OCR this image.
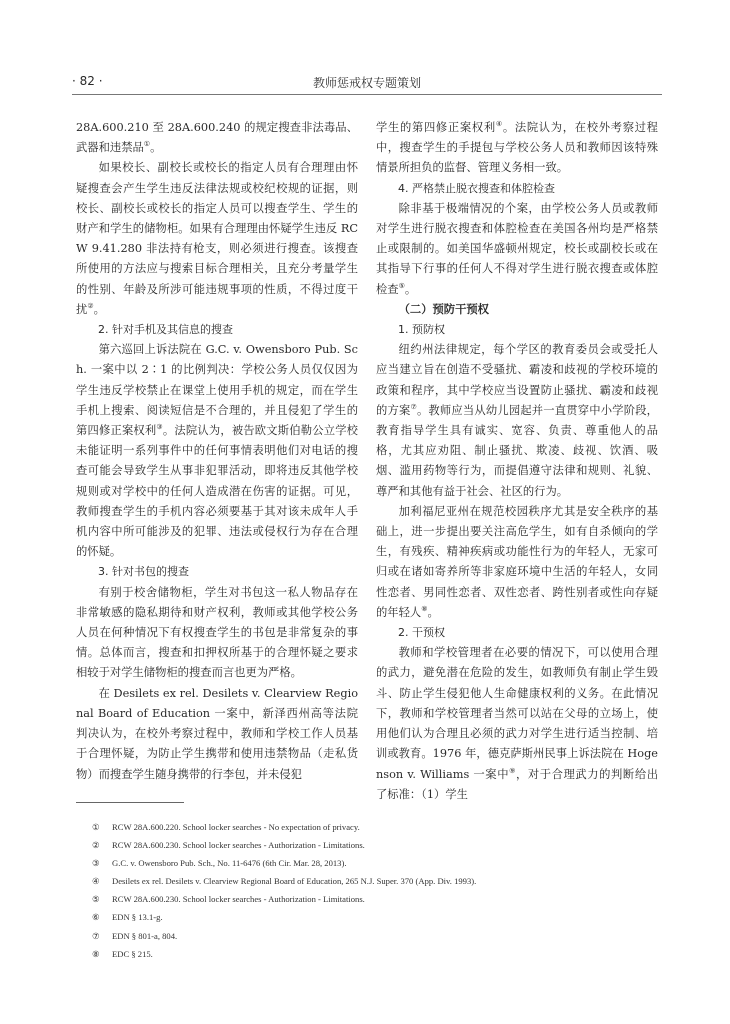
· 82 ·	教师惩戒权专题策划

28A.600.210 至 28A.600.240 的规定搜查非法毒品、武器和违禁品①。

如果校长、副校长或校长的指定人员有合理理由怀疑搜查会产生学生违反法律法规或校纪校规的证据，则校长、副校长或校长的指定人员可以搜查学生、学生的财产和学生的储物柜。如果有合理理由怀疑学生违反 RCW 9.41.280 非法持有枪支，则必须进行搜查。该搜查所使用的方法应与搜索目标合理相关，且充分考量学生的性别、年龄及所涉可能违规事项的性质，不得过度干扰②。

2. 针对手机及其信息的搜查

第六巡回上诉法院在 G.C. v. Owensboro Pub. Sch. 一案中以 2∶1 的比例判决：学校公务人员仅仅因为学生违反学校禁止在课堂上使用手机的规定，而在学生手机上搜索、阅读短信是不合理的，并且侵犯了学生的第四修正案权利③。法院认为，被告欧文斯伯勒公立学校未能证明一系列事件中的任何事情表明他们对电话的搜查可能会导致学生从事非犯罪活动，即将违反其他学校规则或对学校中的任何人造成潜在伤害的证据。可见，教师搜查学生的手机内容必须要基于其对该未成年人手机内容中所可能涉及的犯罪、违法或侵权行为存在合理的怀疑。

3. 针对书包的搜查

有别于校舍储物柜，学生对书包这一私人物品存在非常敏感的隐私期待和财产权利，教师或其他学校公务人员在何种情况下有权搜查学生的书包是非常复杂的事情。总体而言，搜查和扣押权所基于的合理怀疑之要求相较于对学生储物柜的搜查而言也更为严格。

在 Desilets ex rel. Desilets v. Clearview Regional Board of Education 一案中，新泽西州高等法院判决认为，在校外考察过程中，教师和学校工作人员基于合理怀疑，为防止学生携带和使用违禁物品（走私货物）而搜查学生随身携带的行李包，并未侵犯

学生的第四修正案权利④。法院认为，在校外考察过程中，搜查学生的手提包与学校公务人员和教师因该特殊情景所担负的监督、管理义务相一致。

4. 严格禁止脱衣搜查和体腔检查

除非基于极端情况的个案，由学校公务人员或教师对学生进行脱衣搜查和体腔检查在美国各州均是严格禁止或限制的。如美国华盛顿州规定，校长或副校长或在其指导下行事的任何人不得对学生进行脱衣搜查或体腔检查⑤。

（二）预防干预权

1. 预防权

纽约州法律规定，每个学区的教育委员会或受托人应当建立旨在创造不受骚扰、霸凌和歧视的学校环境的政策和程序，其中学校应当设置防止骚扰、霸凌和歧视的方案⑦。教师应当从幼儿园起并一直贯穿中小学阶段，教育指导学生具有诚实、宽容、负责、尊重他人的品格，尤其应劝阻、制止骚扰、欺凌、歧视、饮酒、吸烟、滥用药物等行为，而提倡遵守法律和规则、礼貌、尊严和其他有益于社会、社区的行为。

加利福尼亚州在规范校园秩序尤其是安全秩序的基础上，进一步提出要关注高危学生，如有自杀倾向的学生，有残疾、精神疾病或功能性行为的年轻人，无家可归或在诸如寄养所等非家庭环境中生活的年轻人，女同性恋者、男同性恋者、双性恋者、跨性别者或性向存疑的年轻人⑧。

2. 干预权

教师和学校管理者在必要的情况下，可以使用合理的武力，避免潜在危险的发生，如教师负有制止学生毁斗、防止学生侵犯他人生命健康权利的义务。在此情况下，教师和学校管理者当然可以站在父母的立场上，使用他们认为合理且必须的武力对学生进行适当控制、培训或教育。1976 年，德克萨斯州民事上诉法院在 Hogenson v. Williams 一案中⑨，对于合理武力的判断给出了标准：（1）学生

① RCW 28A.600.220. School locker searches - No expectation of privacy.
② RCW 28A.600.230. School locker searches - Authorization - Limitations.
③ G.C. v. Owensboro Pub. Sch., No. 11-6476 (6th Cir. Mar. 28, 2013).
④ Desilets ex rel. Desilets v. Clearview Regional Board of Education, 265 N.J. Super. 370 (App. Div. 1993).
⑤ RCW 28A.600.230. School locker searches - Authorization - Limitations.
⑥ EDN § 13.1-g.
⑦ EDN § 801-a, 804.
⑧ EDC § 215.
